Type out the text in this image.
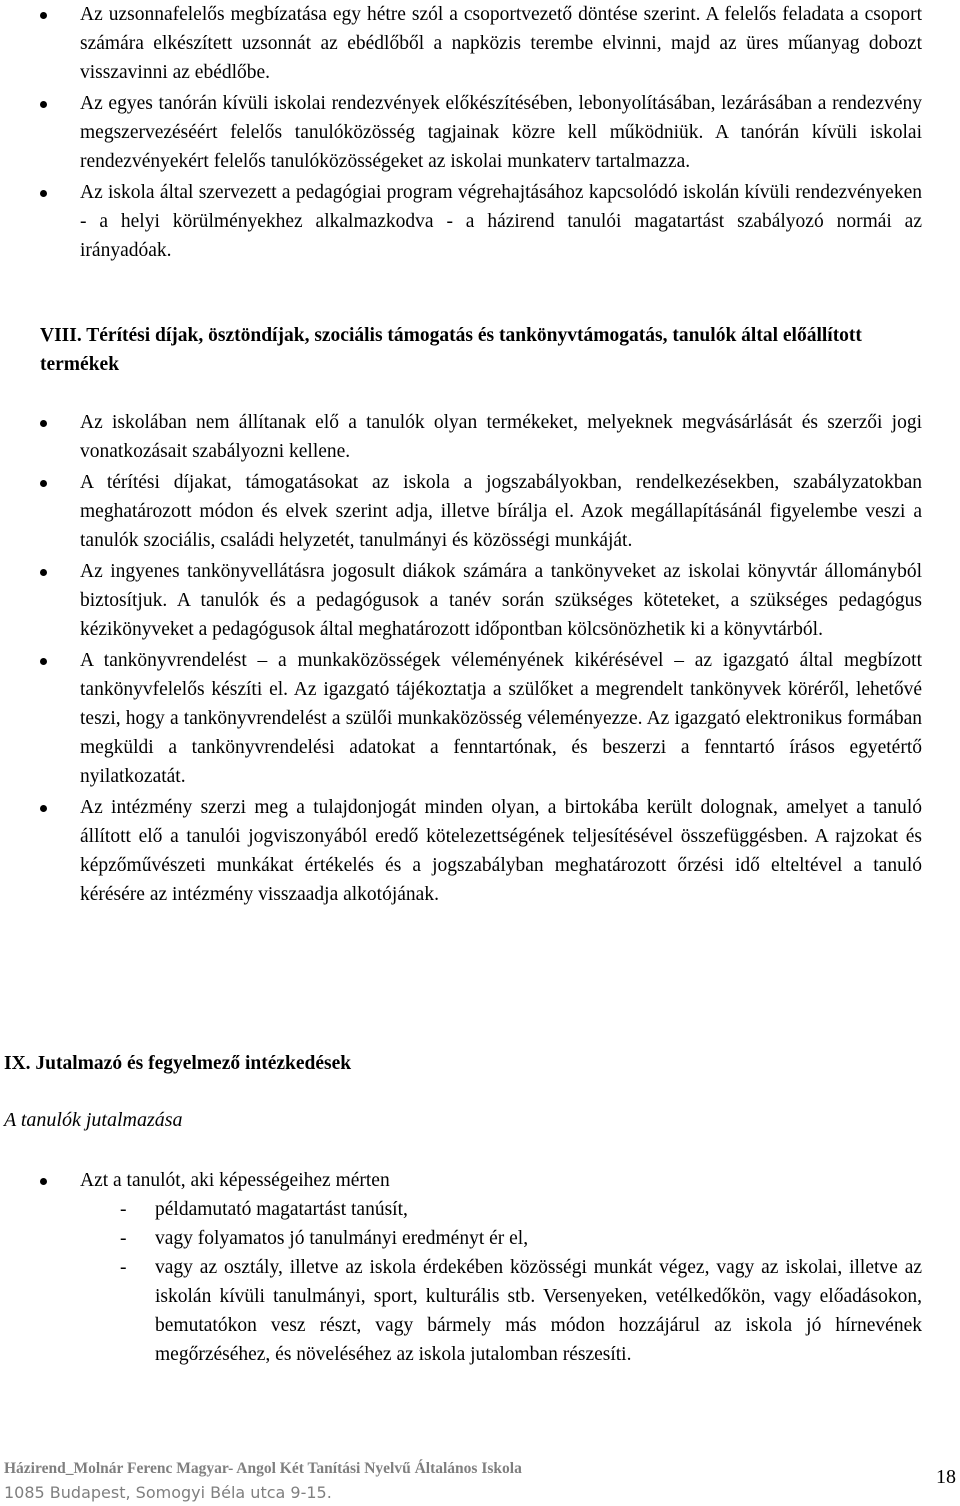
Az uzsonnafelelős megbízatása egy hétre szól a csoportvezető döntése szerint. A felelős feladata a csoport számára elkészített uzsonnát az ebédlőből a napközis terembe elvinni, majd az üres műanyag dobozt visszavinni az ebédlőbe.
Az egyes tanórán kívüli iskolai rendezvények előkészítésében, lebonyolításában, lezárásában a rendezvény megszervezéséért felelős tanulóközösség tagjainak közre kell működniük. A tanórán kívüli iskolai rendezvényekért felelős tanulóközösségeket az iskolai munkaterv tartalmazza.
Az iskola által szervezett a pedagógiai program végrehajtásához kapcsolódó iskolán kívüli rendezvényeken - a helyi körülményekhez alkalmazkodva - a házirend tanulói magatartást szabályozó normái az irányadóak.
VIII. Térítési díjak, ösztöndíjak, szociális támogatás és tankönyvtámogatás, tanulók által előállított termékek
Az iskolában nem állítanak elő a tanulók olyan termékeket, melyeknek megvásárlását és szerzői jogi vonatkozásait szabályozni kellene.
A térítési díjakat, támogatásokat az iskola a jogszabályokban, rendelkezésekben, szabályzatokban meghatározott módon és elvek szerint adja, illetve bírálja el. Azok megállapításánál figyelembe veszi a tanulók szociális, családi helyzetét, tanulmányi és közösségi munkáját.
Az ingyenes tankönyvellátásra jogosult diákok számára a tankönyveket az iskolai könyvtár állományból biztosítjuk. A tanulók és a pedagógusok a tanév során szükséges köteteket, a szükséges pedagógus kézikönyveket a pedagógusok által meghatározott időpontban kölcsönözhetik ki a könyvtárból.
A tankönyvrendelést – a munkaközösségek véleményének kikérésével – az igazgató által megbízott tankönyvfelelős készíti el. Az igazgató tájékoztatja a szülőket a megrendelt tankönyvek köréről, lehetővé teszi, hogy a tankönyvrendelést a szülői munkaközösség véleményezze. Az igazgató elektronikus formában megküldi a tankönyvrendelési adatokat a fenntartónak, és beszerzi a fenntartó írásos egyetértő nyilatkozatát.
Az intézmény szerzi meg a tulajdonjogát minden olyan, a birtokába került dolognak, amelyet a tanuló állított elő a tanulói jogviszonyából eredő kötelezettségének teljesítésével összefüggésben. A rajzokat és képzőművészeti munkákat értékelés és a jogszabályban meghatározott őrzési idő elteltével a tanuló kérésére az intézmény visszaadja alkotójának.
IX. Jutalmazó és fegyelmező intézkedések
A tanulók jutalmazása
Azt a tanulót, aki képességeihez mérten
- példamutató magatartást tanúsít,
- vagy folyamatos jó tanulmányi eredményt ér el,
- vagy az osztály, illetve az iskola érdekében közösségi munkát végez, vagy az iskolai, illetve az iskolán kívüli tanulmányi, sport, kulturális stb. Versenyeken, vetélkedőkön, vagy előadásokon, bemutatókon vesz részt, vagy bármely más módon hozzájárul az iskola jó hírnevének megőrzéséhez, és növeléséhez az iskola jutalomban részesíti.
Házirend_Molnár Ferenc Magyar- Angol Két Tanítási Nyelvű Általános Iskola
1085 Budapest, Somogyi Béla utca 9-15.
18
